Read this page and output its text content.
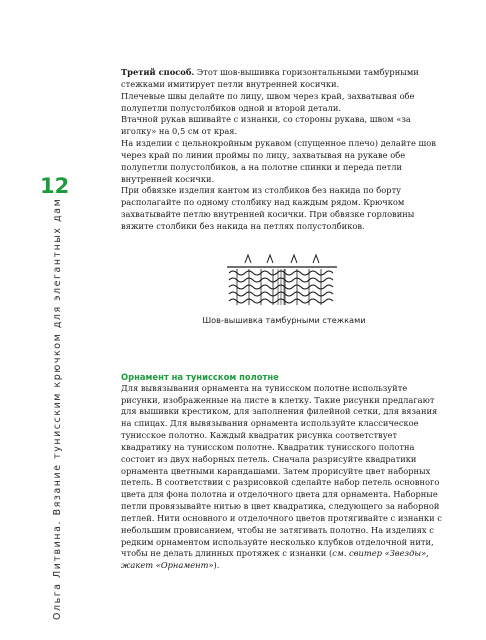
Ольга Литвина. Вязание тунисским крючком для элегантных дам
12

Третий способ. Этот шов-вышивка горизонтальными тамбурными стежками имитирует петли внутренней косички.

Плечевые швы делайте по лицу, швом через край, захватывая обе полупетли полустолбиков одной и второй детали.

Втачной рукав вшивайте с изнанки, со стороны рукава, швом «за иголку» на 0,5 см от края.

На изделии с цельнокройным рукавом (спущенное плечо) делайте шов через край по линии проймы по лицу, захватывая на рукаве обе полупетли полустолбиков, а на полотне спинки и переда петли внутренней косички.

При обвязке изделия кантом из столбиков без накида по борту располагайте по одному столбику над каждым рядом. Крючком захватывайте петлю внутренней косички. При обвязке горловины вяжите столбики без накида на петлях полустолбиков.

Шов-вышивка тамбурными стежками
Орнамент на тунисском полотне

Для вывязывания орнамента на тунисском полотне используйте рисунки, изображенные на листе в клетку. Такие рисунки предлагают для вышивки крестиком, для заполнения филейной сетки, для вязания на спицах. Для вывязывания орнамента используйте классическое тунисское полотно. Каждый квадратик рисунка соответствует квадратику на тунисском полотне. Квадратик тунисского полотна состоит из двух наборных петель. Сначала разрисуйте квадратики орнамента цветными карандашами. Затем прорисуйте цвет наборных петель. В соответствии с разрисовкой сделайте набор петель основного цвета для фона полотна и отделочного цвета для орнамента. Наборные петли провязывайте нитью в цвет квадратика, следующего за наборной петлей. Нити основного и отделочного цветов протягивайте с изнанки с небольшим провисанием, чтобы не затягивать полотно. На изделиях с редким орнаментом используйте несколько клубков отделочной нити, чтобы не делать длинных протяжек с изнанки (см. свитер «Звезды», жакет «Орнамент»).
